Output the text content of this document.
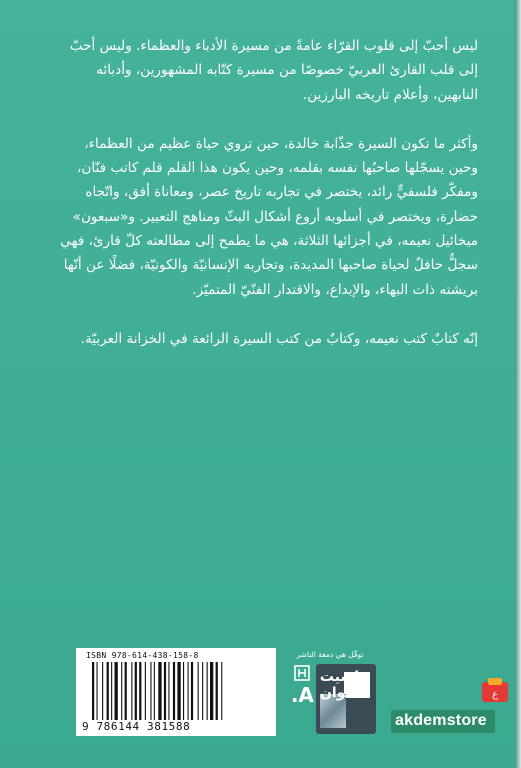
ليس أحبّ إلى قلوب القرّاء عامةً من مسيرة الأدباء والعظماء. وليس أحبّ إلى قلب القارئ العربيّ خصوصًا من مسيرة كتّابه المشهورين، وأدبائه النابهين، وأعلام تاريخه البارزين.

وأكثر ما تكون السيرة جذّابة خالدة، حين تروي حياة عظيم من العظماء، وحين يسجّلها صاحبُها نفسه بقلمه، وحين يكون هذا القلم قلم كاتب فنّان، ومفكّر فلسفيٍّ رائد، يختصر في تجاربه تاريخ عصر، ومعاناة أفق، واتّجاه حضارة، ويختصر في أسلوبه أروع أشكال البثّ ومناهج التعبير. و«سبعون» ميخائيل نعيمه، في أجزائها الثلاثة، هي ما يطمح إلى مطالعته كلّ قارئ، فهي سجلٌّ حافلٌ لحياة صاحبها المديدة، وتجاربه الإنسانيّة والكونيّة، فضلًا عن أنّها بريشته ذات البهاء، والإبداع، والاقتدار الفنّيّ المتميّز.

إنّه كتابٌ كتب نعيمه، وكتابٌ من كتب السيرة الرائعة في الخزانة العربيّة.

ISBN 978-614-438-158-8
9 786144 381588
توقّل هي دمغة الناشر
هاشيت
أنطوان
A.	ع
akdemstore
